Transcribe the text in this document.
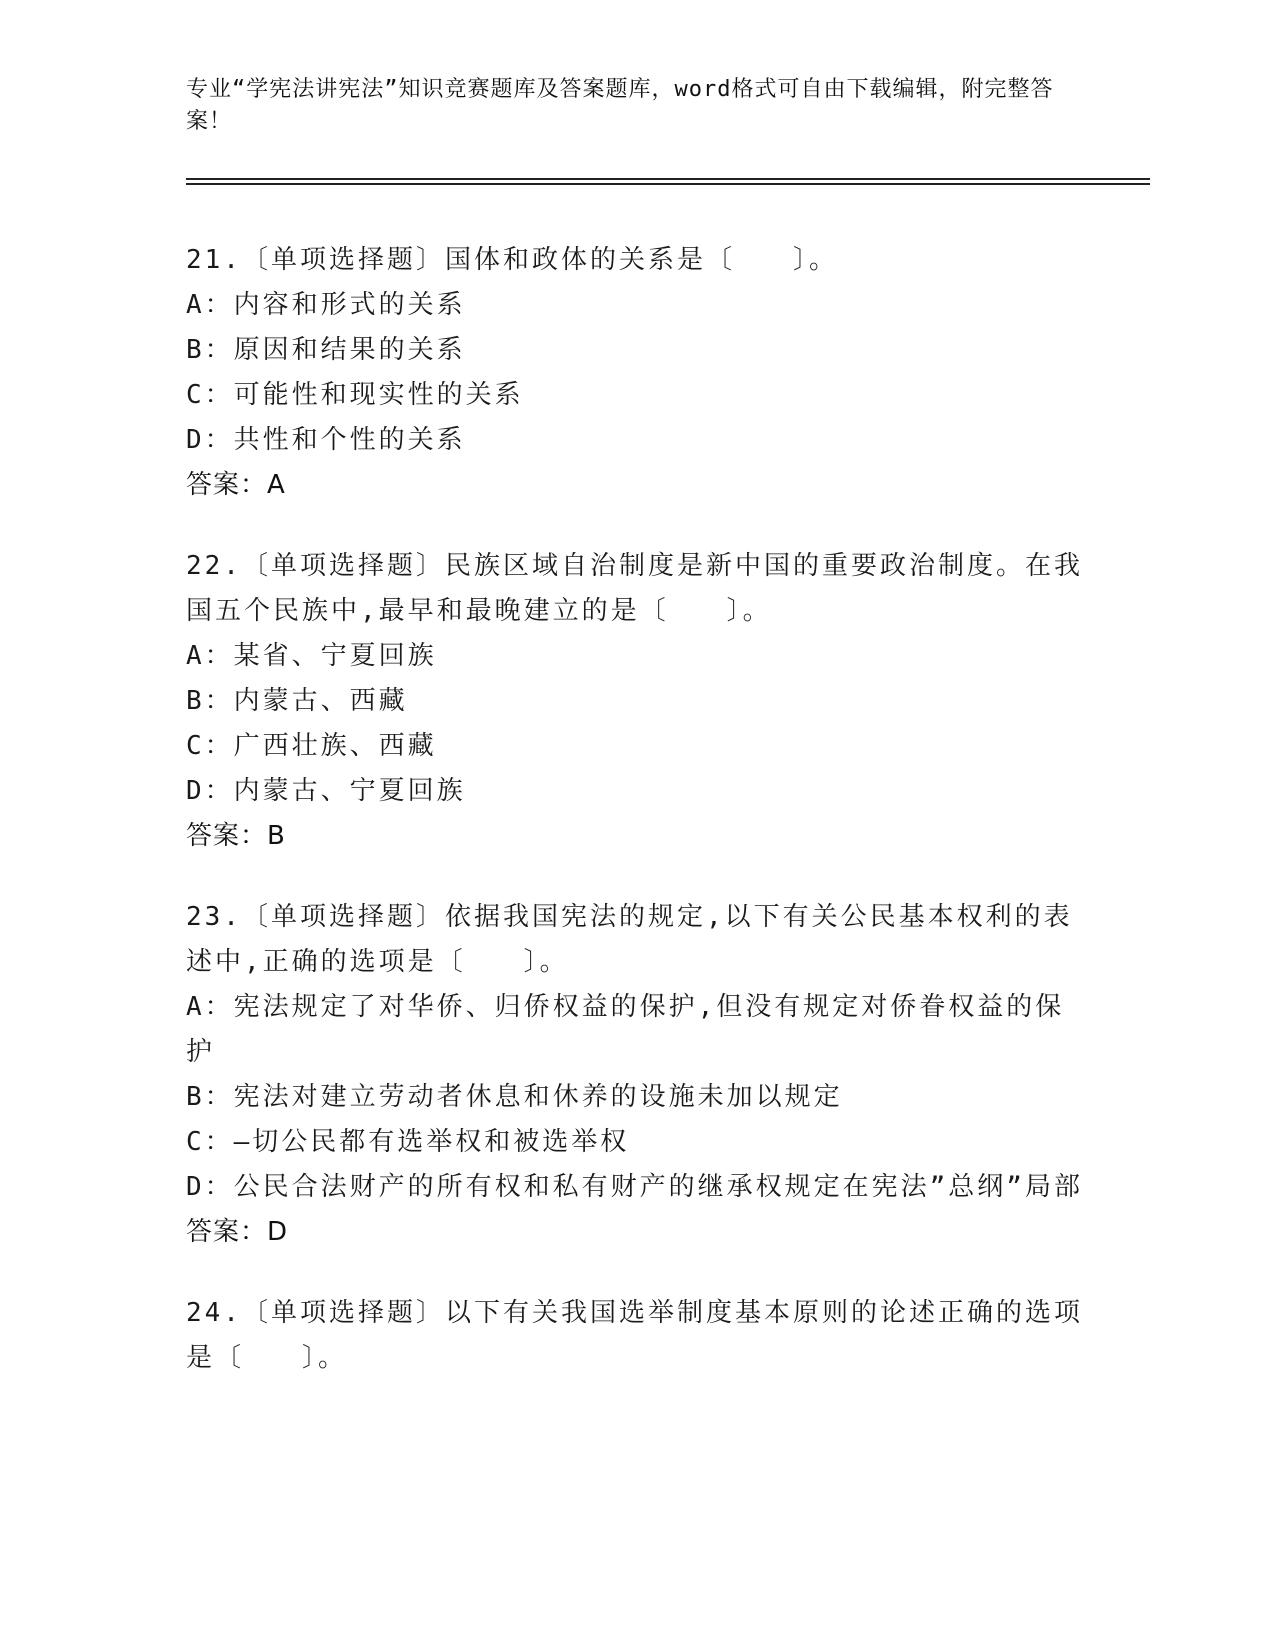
专业“学宪法讲宪法”知识竞赛题库及答案题库，word格式可自由下载编辑，附完整答案！
21.〔单项选择题〕国体和政体的关系是〔　　〕。
A：内容和形式的关系
B：原因和结果的关系
C：可能性和现实性的关系
D：共性和个性的关系
答案：A
22.〔单项选择题〕民族区域自治制度是新中国的重要政治制度。在我国五个民族中,最早和最晚建立的是〔　　〕。
A：某省、宁夏回族
B：内蒙古、西藏
C：广西壮族、西藏
D：内蒙古、宁夏回族
答案：B
23.〔单项选择题〕依据我国宪法的规定,以下有关公民基本权利的表述中,正确的选项是〔　　〕。
A：宪法规定了对华侨、归侨权益的保护,但没有规定对侨眷权益的保护
B：宪法对建立劳动者休息和休养的设施未加以规定
C：—切公民都有选举权和被选举权
D：公民合法财产的所有权和私有财产的继承权规定在宪法”总纲”局部
答案：D
24.〔单项选择题〕以下有关我国选举制度基本原则的论述正确的选项是〔　　〕。
